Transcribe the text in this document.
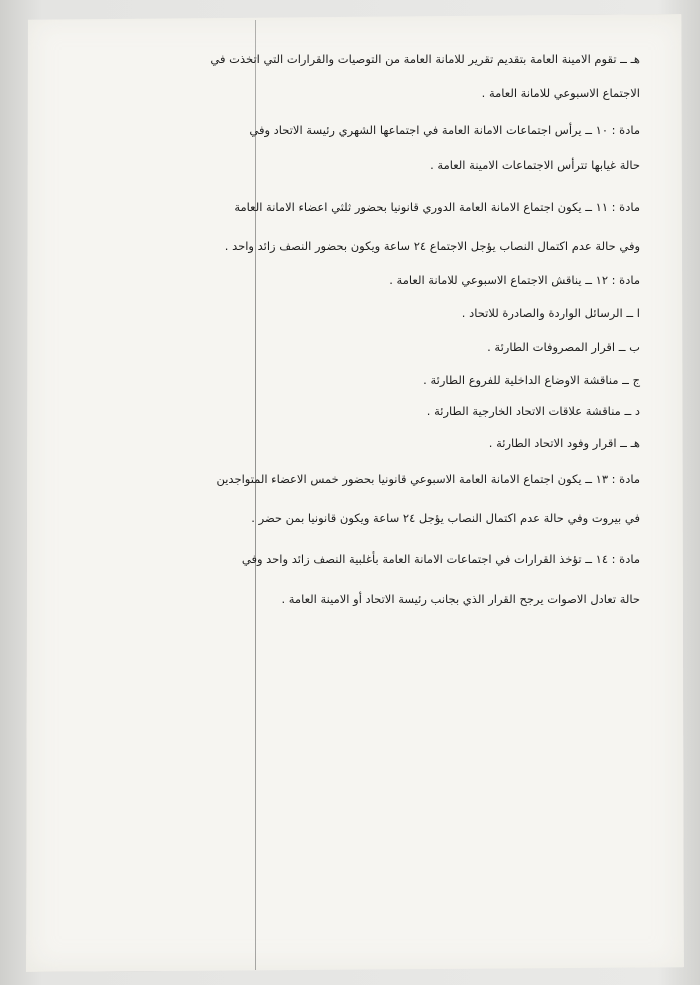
هـ ــ تقوم الامينة العامة بتقديم تقرير للامانة العامة من التوصيات والقرارات التي اتخذت في
الاجتماع الاسبوعي للامانة العامة .
مادة : ١٠ ــ يرأس اجتماعات الامانة العامة في اجتماعها الشهري رئيسة الاتحاد وفي
حالة غيابها تترأس الاجتماعات الامينة العامة .
مادة : ١١ ــ يكون اجتماع الامانة العامة الدوري قانونيا بحضور ثلثي اعضاء الامانة العامة
وفي حالة عدم اكتمال النصاب يؤجل الاجتماع ٢٤ ساعة ويكون بحضور النصف زائد واحد .
مادة : ١٢ ــ يناقش الاجتماع الاسبوعي للامانة العامة .
ا ــ الرسائل الواردة والصادرة للاتحاد .
ب ــ اقرار المصروفات الطارئة .
ج ــ مناقشة الاوضاع الداخلية للفروع الطارئة .
د ــ مناقشة علاقات الاتحاد الخارجية الطارئة .
هـ ــ اقرار وفود الاتحاد الطارئة .
مادة : ١٣ ــ يكون اجتماع الامانة العامة الاسبوعي قانونيا بحضور خمس الاعضاء المتواجدين
في بيروت وفي حالة عدم اكتمال النصاب يؤجل ٢٤ ساعة ويكون قانونيا بمن حضر .
مادة : ١٤ ــ تؤخذ القرارات في اجتماعات الامانة العامة بأغلبية النصف زائد واحد وفي
حالة تعادل الاصوات يرجح القرار الذي بجانب رئيسة الاتحاد أو الامينة العامة .
